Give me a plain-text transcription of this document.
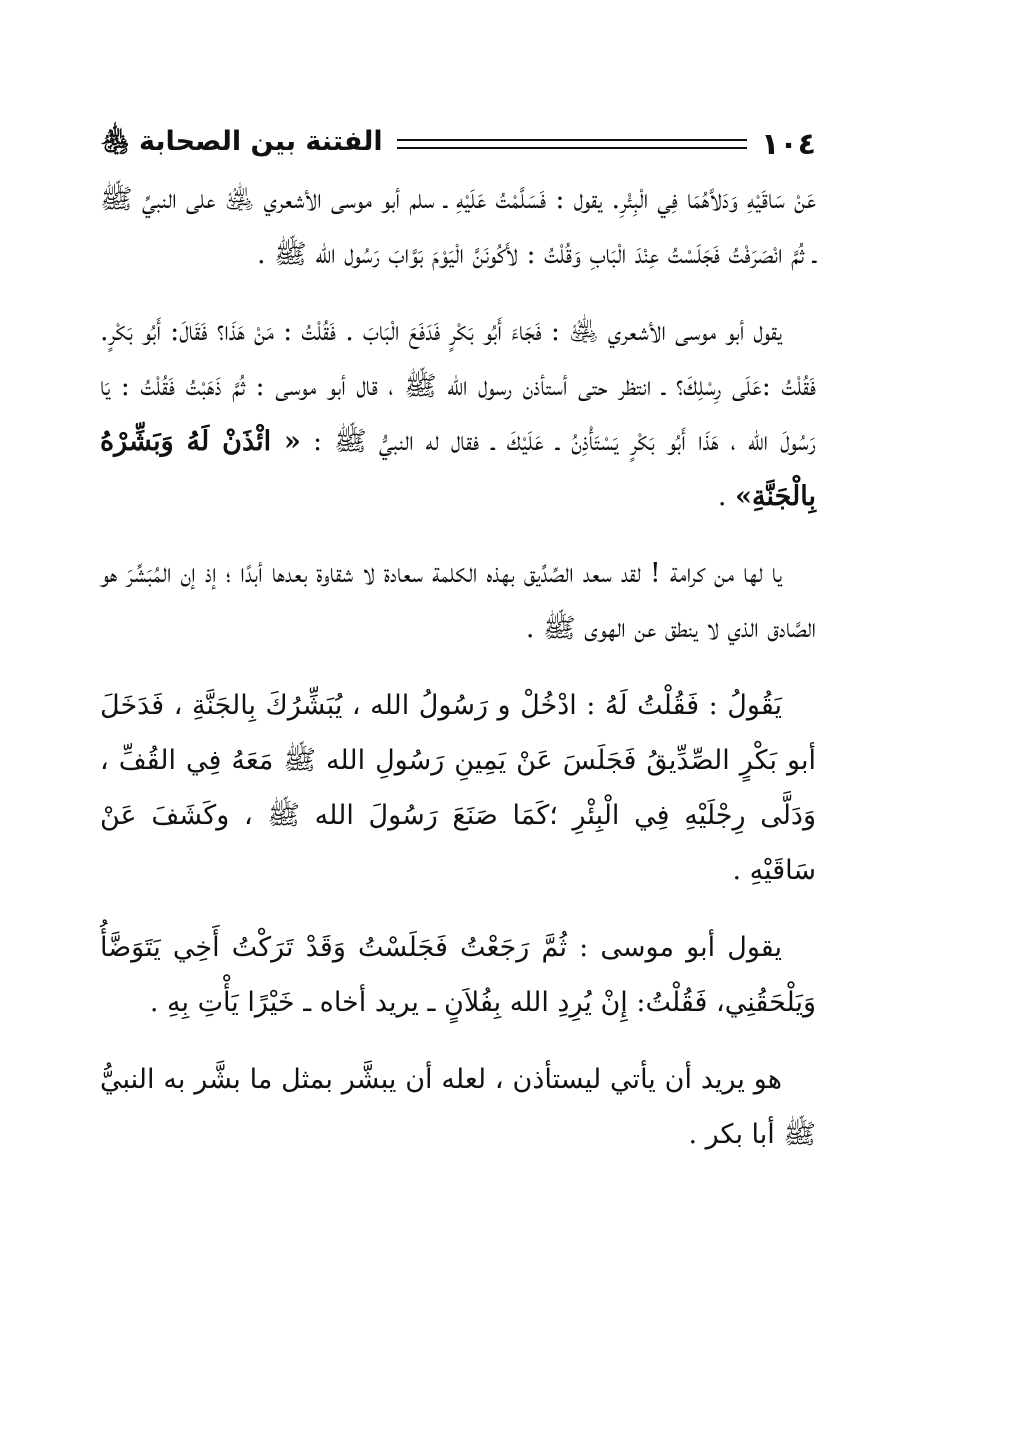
١٠٤
الفتنة بين الصحابة ﵃

عَنْ سَاقَيْهِ وَدَلاَّهُمَا فِي الْبِئْرِ. يقول : فَسَلَّمْتُ عَلَيْهِ ـ سلم أبو موسى الأشعري ﵁ على النبيِّ ﷺ ـ ثُمَّ انْصَرَفْتُ فَجَلَسْتُ عِنْدَ الْبَابِ وَقُلْتُ : لأَكُونَنَّ الْيَوْمَ بَوَّابَ رَسُول الله ﷺ .

يقول أبو موسى الأشعري ﵁ : فَجَاءَ أَبُو بَكْرٍ فَدَفَعَ الْبَابَ . فَقُلْتُ : مَنْ هَذَا؟ فَقَالَ: أَبُو بَكْرٍ. فَقُلْتُ :عَلَى رِسْلِكَ؟ ـ انتظر حتى أستأذن رسول الله ﷺ ، قال أبو موسى : ثُمَّ ذَهَبْتُ فَقُلْتُ : يَا رَسُولَ الله ، هَذَا أَبُو بَكْرٍ يَسْتَأْذِنُ ـ عَلَيْكَ ـ فقال له النبيُّ ﷺ : « ائْذَنْ لَهُ وَبَشِّرْهُ بِالْجَنَّةِ» .

يا لها من كرامة ! لقد سعد الصِّدِّيق بهذه الكلمة سعادة لا شقاوة بعدها أبدًا ؛ إذ إن المُبَشِّرَ هو الصَّادق الذي لا ينطق عن الهوى ﷺ .

يَقُولُ : فَقُلْتُ لَهُ : ادْخُلْ و رَسُولُ الله ، يُبَشِّرُكَ بِالجَنَّةِ ، فَدَخَلَ أبو بَكْرٍ الصِّدِّيقُ فَجَلَسَ عَنْ يَمِينِ رَسُولِ الله ﷺ مَعَهُ فِي القُفِّ ، وَدَلَّى رِجْلَيْهِ فِي الْبِئْرِ ؛كَمَا صَنَعَ رَسُولَ الله ﷺ ، وكَشَفَ عَنْ سَاقَيْهِ .

يقول أبو موسى : ثُمَّ رَجَعْتُ فَجَلَسْتُ وَقَدْ تَرَكْتُ أَخِي يَتَوَضَّأُ وَيَلْحَقُنِي، فَقُلْتُ: إِنْ يُرِدِ الله بِفُلاَنٍ ـ يريد أخاه ـ خَيْرًا يَأْتِ بِهِ .

هو يريد أن يأتي ليستأذن ، لعله أن يبشَّر بمثل ما بشَّر به النبيُّ ﷺ أبا بكر .
